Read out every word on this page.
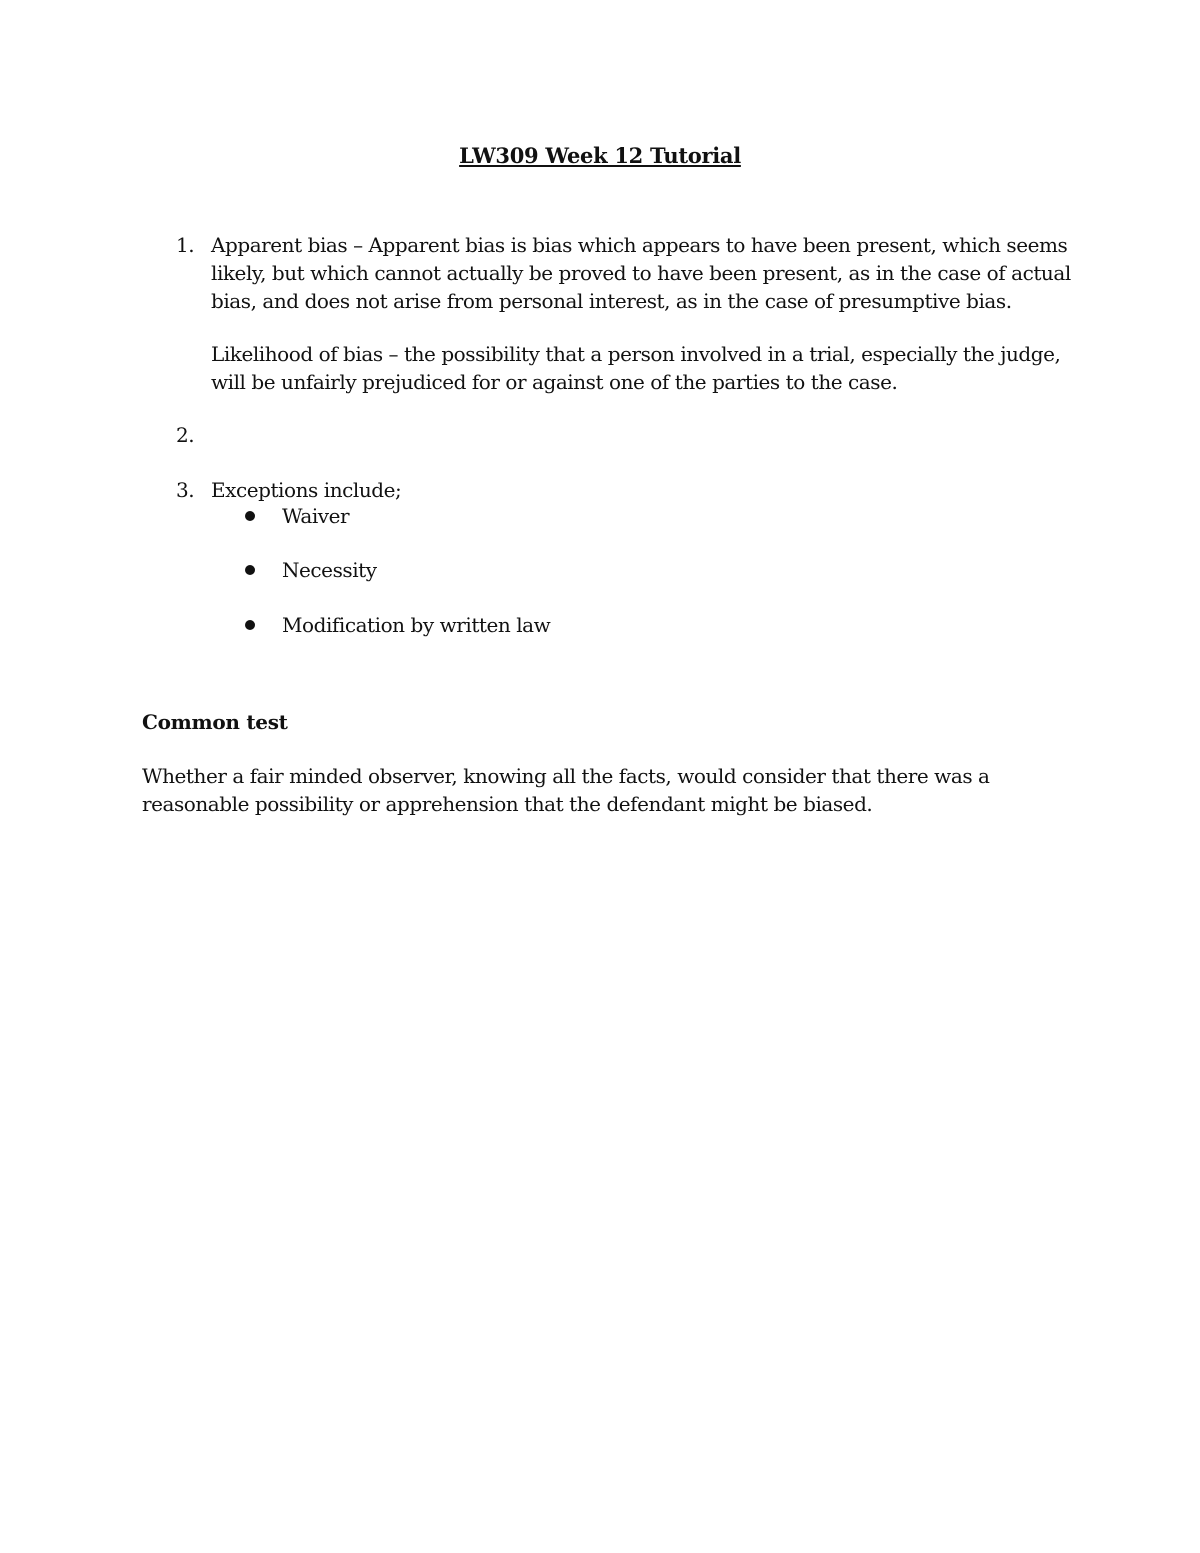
LW309 Week 12 Tutorial
1. Apparent bias – Apparent bias is bias which appears to have been present, which seems
likely, but which cannot actually be proved to have been present, as in the case of actual
bias, and does not arise from personal interest, as in the case of presumptive bias.
Likelihood of bias – the possibility that a person involved in a trial, especially the judge,
will be unfairly prejudiced for or against one of the parties to the case.
2.
3. Exceptions include;
Waiver
Necessity
Modification by written law
Common test
Whether a fair minded observer, knowing all the facts, would consider that there was a
reasonable possibility or apprehension that the defendant might be biased.
